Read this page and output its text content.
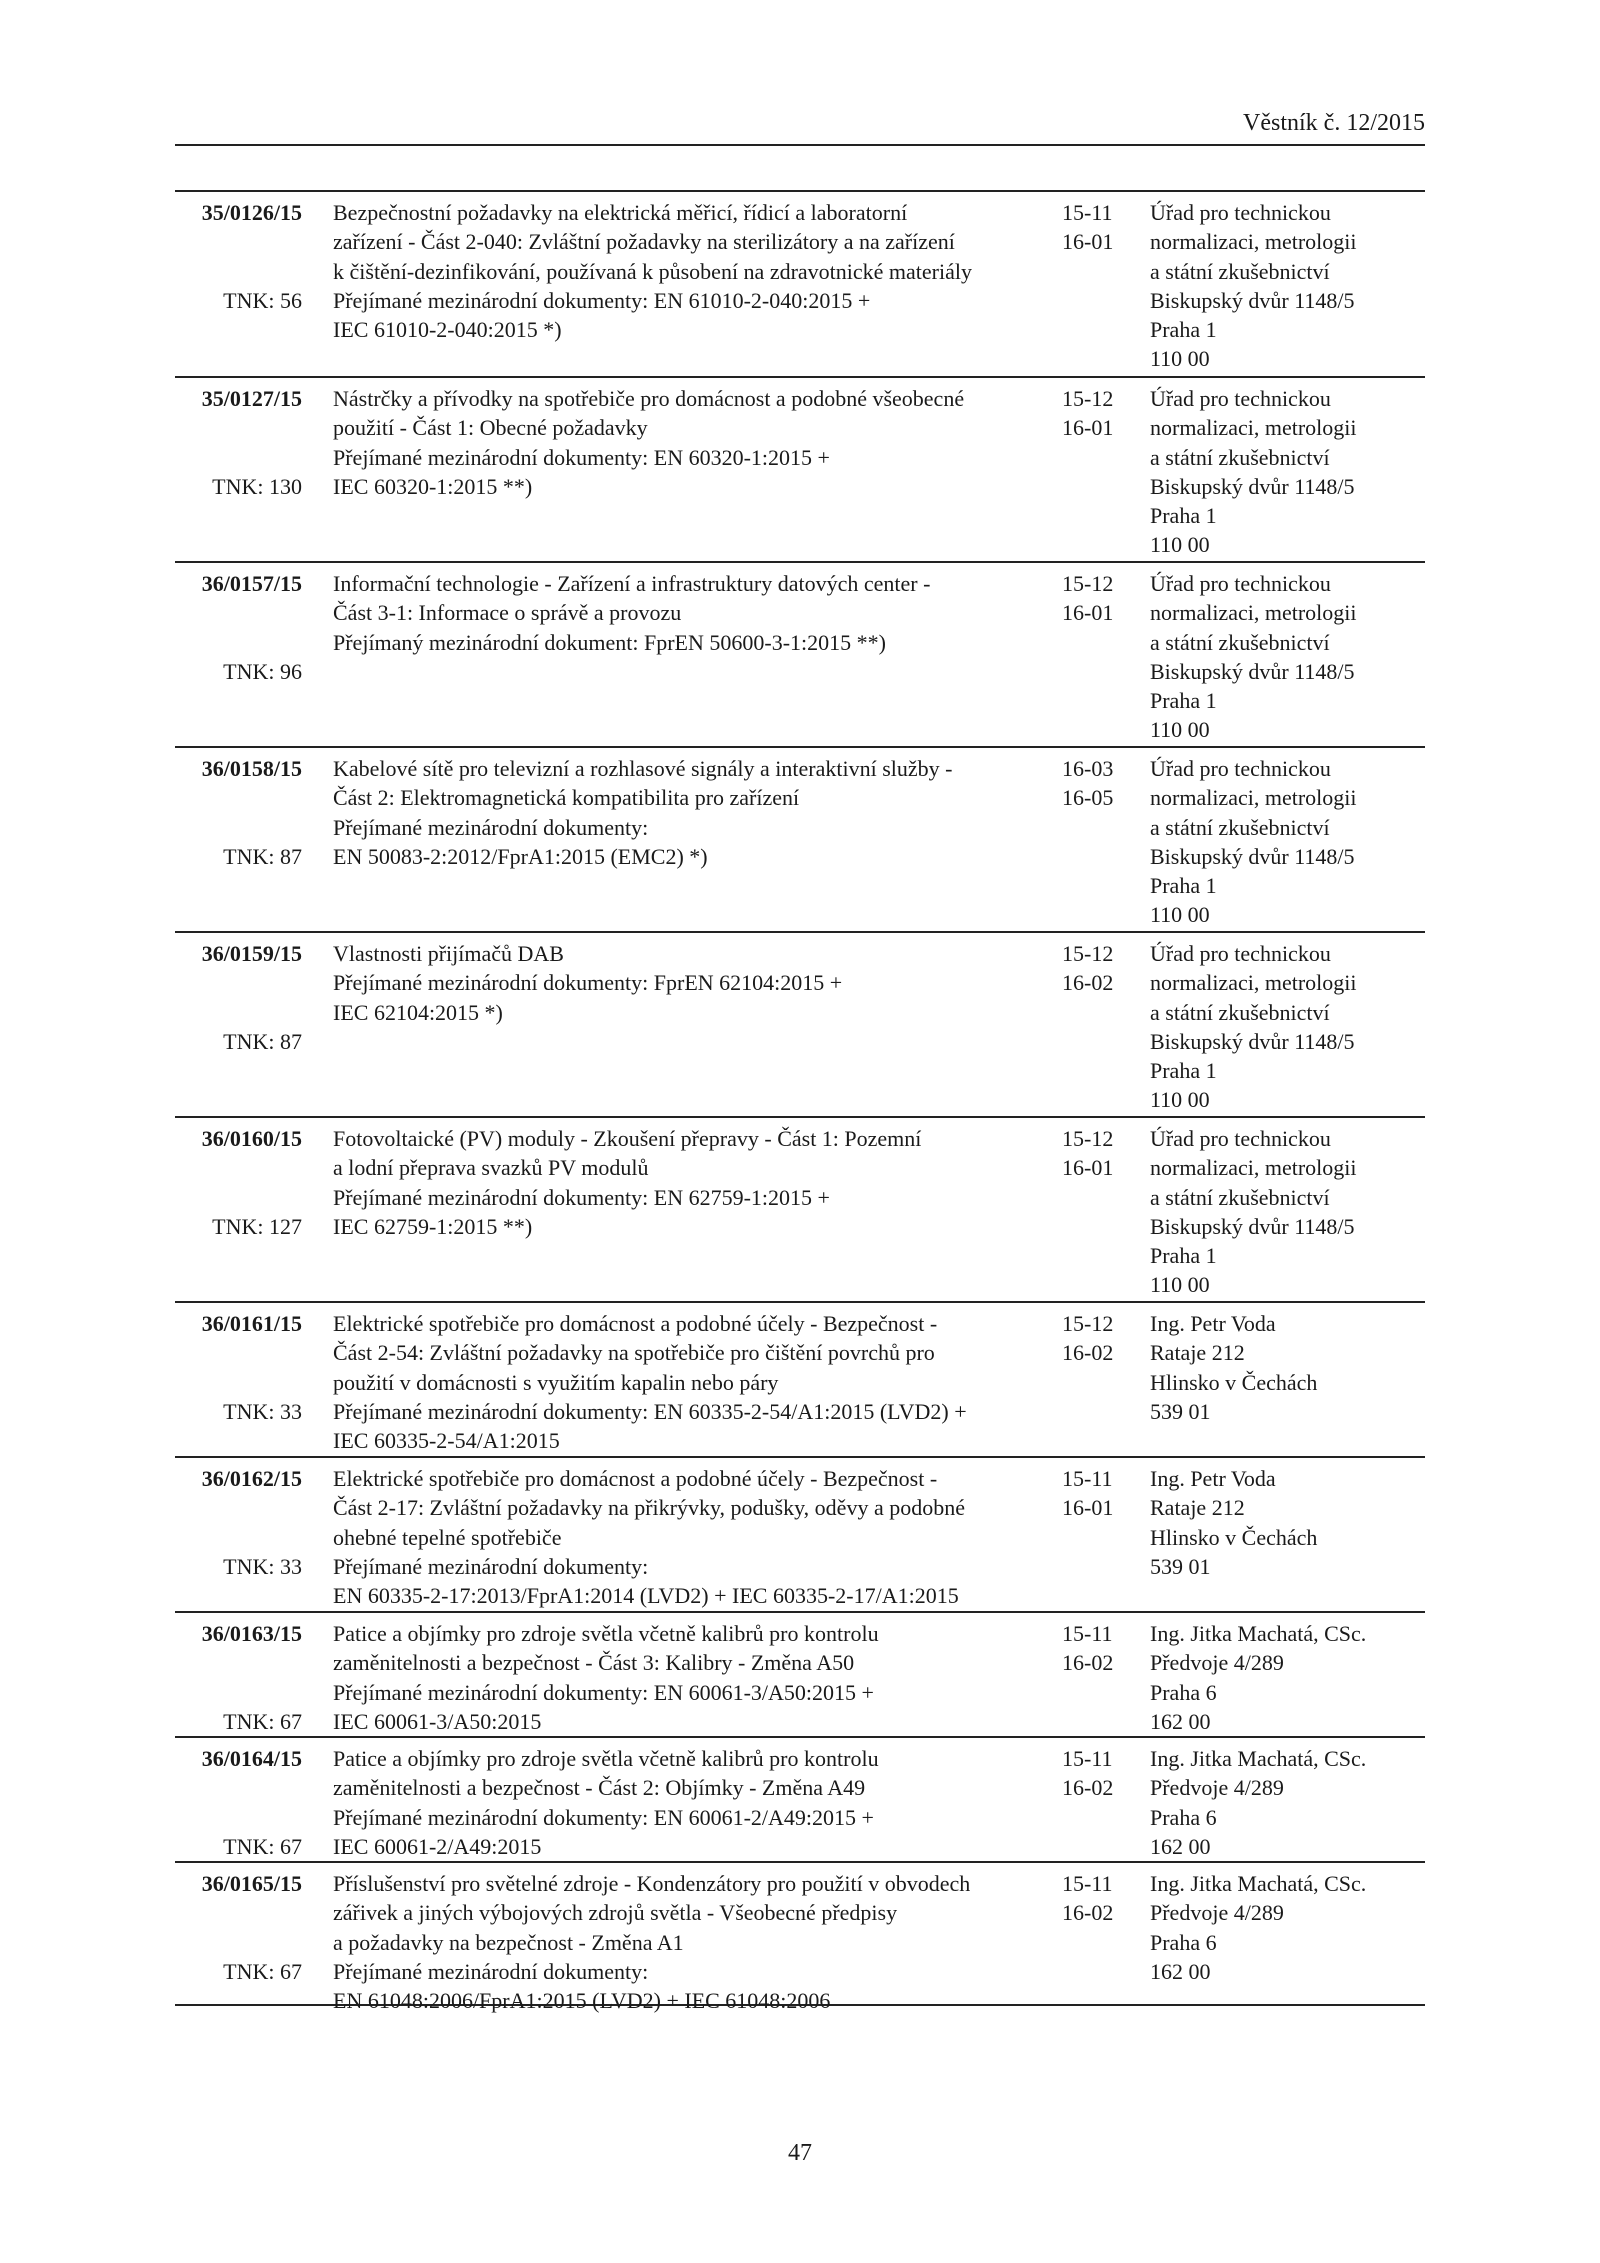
Věstník č. 12/2015
35/0126/15
TNK: 56
Bezpečnostní požadavky na elektrická měřicí, řídicí a laboratorní
zařízení - Část 2-040: Zvláštní požadavky na sterilizátory a na zařízení
k čištění-dezinfikování, používaná k působení na zdravotnické materiály
Přejímané mezinárodní dokumenty: EN 61010-2-040:2015 +
IEC 61010-2-040:2015 *)
15-11
16-01
Úřad pro technickou
normalizaci, metrologii
a státní zkušebnictví
Biskupský dvůr 1148/5
Praha 1
110 00
35/0127/15
TNK: 130
Nástrčky a přívodky na spotřebiče pro domácnost a podobné všeobecné
použití - Část 1: Obecné požadavky
Přejímané mezinárodní dokumenty: EN 60320-1:2015 +
IEC 60320-1:2015 **)
15-12
16-01
Úřad pro technickou
normalizaci, metrologii
a státní zkušebnictví
Biskupský dvůr 1148/5
Praha 1
110 00
36/0157/15
TNK: 96
Informační technologie - Zařízení a infrastruktury datových center -
Část 3-1: Informace o správě a provozu
Přejímaný mezinárodní dokument: FprEN 50600-3-1:2015 **)
15-12
16-01
Úřad pro technickou
normalizaci, metrologii
a státní zkušebnictví
Biskupský dvůr 1148/5
Praha 1
110 00
36/0158/15
TNK: 87
Kabelové sítě pro televizní a rozhlasové signály a interaktivní služby -
Část 2: Elektromagnetická kompatibilita pro zařízení
Přejímané mezinárodní dokumenty:
EN 50083-2:2012/FprA1:2015 (EMC2) *)
16-03
16-05
Úřad pro technickou
normalizaci, metrologii
a státní zkušebnictví
Biskupský dvůr 1148/5
Praha 1
110 00
36/0159/15
TNK: 87
Vlastnosti přijímačů DAB
Přejímané mezinárodní dokumenty: FprEN 62104:2015 +
IEC 62104:2015 *)
15-12
16-02
Úřad pro technickou
normalizaci, metrologii
a státní zkušebnictví
Biskupský dvůr 1148/5
Praha 1
110 00
36/0160/15
TNK: 127
Fotovoltaické (PV) moduly - Zkoušení přepravy - Část 1: Pozemní
a lodní přeprava svazků PV modulů
Přejímané mezinárodní dokumenty: EN 62759-1:2015 +
IEC 62759-1:2015 **)
15-12
16-01
Úřad pro technickou
normalizaci, metrologii
a státní zkušebnictví
Biskupský dvůr 1148/5
Praha 1
110 00
36/0161/15
TNK: 33
Elektrické spotřebiče pro domácnost a podobné účely - Bezpečnost -
Část 2-54: Zvláštní požadavky na spotřebiče pro čištění povrchů pro
použití v domácnosti s využitím kapalin nebo páry
Přejímané mezinárodní dokumenty: EN 60335-2-54/A1:2015 (LVD2) +
IEC 60335-2-54/A1:2015
15-12
16-02
Ing. Petr Voda
Rataje 212
Hlinsko v Čechách
539 01
36/0162/15
TNK: 33
Elektrické spotřebiče pro domácnost a podobné účely - Bezpečnost -
Část 2-17: Zvláštní požadavky na přikrývky, podušky, oděvy a podobné
ohebné tepelné spotřebiče
Přejímané mezinárodní dokumenty:
EN 60335-2-17:2013/FprA1:2014 (LVD2) + IEC 60335-2-17/A1:2015
15-11
16-01
Ing. Petr Voda
Rataje 212
Hlinsko v Čechách
539 01
36/0163/15
TNK: 67
Patice a objímky pro zdroje světla včetně kalibrů pro kontrolu
zaměnitelnosti a bezpečnost - Část 3: Kalibry - Změna A50
Přejímané mezinárodní dokumenty: EN 60061-3/A50:2015 +
IEC 60061-3/A50:2015
15-11
16-02
Ing. Jitka Machatá, CSc.
Předvoje 4/289
Praha 6
162 00
36/0164/15
TNK: 67
Patice a objímky pro zdroje světla včetně kalibrů pro kontrolu
zaměnitelnosti a bezpečnost - Část 2: Objímky - Změna A49
Přejímané mezinárodní dokumenty: EN 60061-2/A49:2015 +
IEC 60061-2/A49:2015
15-11
16-02
Ing. Jitka Machatá, CSc.
Předvoje 4/289
Praha 6
162 00
36/0165/15
TNK: 67
Příslušenství pro světelné zdroje - Kondenzátory pro použití v obvodech
zářivek a jiných výbojových zdrojů světla - Všeobecné předpisy
a požadavky na bezpečnost - Změna A1
Přejímané mezinárodní dokumenty:
EN 61048:2006/FprA1:2015 (LVD2) + IEC 61048:2006
15-11
16-02
Ing. Jitka Machatá, CSc.
Předvoje 4/289
Praha 6
162 00
47
